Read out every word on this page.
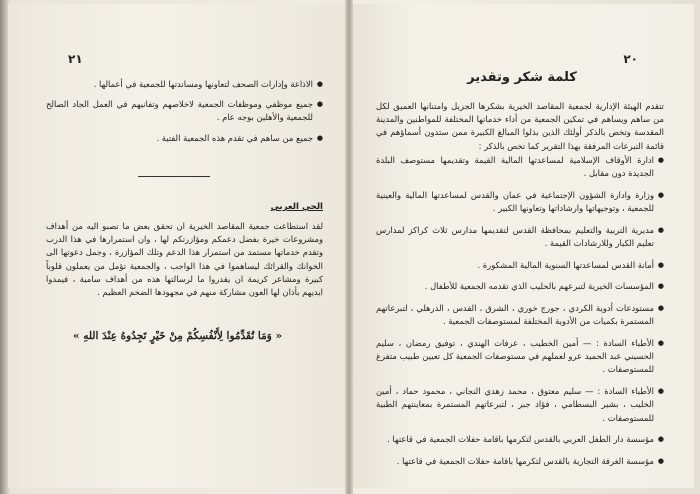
٢١
● الاذاعة وإدارات الصحف لتعاونها ومساندتها للجمعية في أعمالها .
● جميع موظفي وموظفات الجمعية لاخلاصهم وتفانيهم في العمل الجاد الصالح للجمعية والأهلين بوجه عام .
● جميع من ساهم في تقدم هذه الجمعية الفتية .
الحي العربي

لقد استطاعت جمعية المقاصد الخيرية ان تحقق بعض ما تصبو اليه من أهداف ومشروعات خيرة بفضل دعمكم ومؤازرتكم لها ، وان استمرارها في هذا الدرب وتقدم خدماتها مستمد من استمرار هذا الدعم وتلك المؤازرة ، وجمل دعوتها الى الخوانك والقرائك ليساهموا في هذا الواجب ، والجمعية تؤمل من يعملون قلوباً كبيرة ومشاعر كريمة ان يقدروا ما لرسالتها هذه من أهداف سامية ، فيمدوا ايديهم بأذان لها العون مشاركة منهم في مجهودها الضخم العظيم .

« وَمَا تُقَدِّمُوا لِأَنْفُسِكُمْ مِنْ خَيْرٍ تَجِدُوهُ عِنْدَ اللهِ »
٢٠
كلمة شكر وتقدير

تتقدم الهيئة الإدارية لجمعية المقاصد الخيرية بشكرها الجزيل وامتنانها العميق لكل من ساهم ويساهم في تمكين الجمعية من أداء خدماتها المختلفة للمواطنين والمدينة المقدسة وتخص بالذكر أولئك الذين بذلوا المبالغ الكبيرة ممن ستدون أسماؤهم في قائمة التبرعات المرفقة بهذا التقرير كما تخص بالذكر :

● ادارة الأوقاف الإسلامية لمساعدتها المالية القيمة وتقديمها مستوصف البلدة الجديدة دون مقابل .
● وزارة وادارة الشؤون الإجتماعية في عمان والقدس لمساعدتها المالية والعينية للجمعية ، وتوجيهاتها وارشاداتها وتعاونها الكبير .
● مديرية التربية والتعليم بمحافظة القدس لتقديمها مدارس ثلاث كراكز لمدارس تعليم الكبار وللارشادات القيمة .
● أمانة القدس لمساعدتها السنوية المالية المشكورة .
● المؤسسات الخيرية لتبرعهم بالحليب الذي تقدمه الجمعية للأطفال .
● مستودعات أدوية الكردي ، جورج خوري ، الشرق ، القدس ، الدرهلي ، لتبرعاتهم المستمرة بكميات من الأدوية المختلفة لمستوصفات الجمعية .
● الأطباء السادة : — أمين الخطيب ، عرفات الهندي ، توفيق رمضان ، سليم الحسيني عبد الحميد عرو لعملهم في مستوصفات الجمعية كل تعيين طبيب متفرغ للمستوصفات .
● الأطباء السادة : — سليم معتوق ، محمد زهدي النجاني ، محمود حماد ، أمين الخليب ، بشير البسطامي ، فؤاد جبر ، لتبرعاتهم المستمرة بمعاينتهم الطبية للمستوصفات .
● مؤسسة دار الطفل العربي بالقدس لتكرمها باقامة حفلات الجمعية في قاعتها .
● مؤسسة الغرفة التجارية بالقدس لتكرمها باقامة حفلات الجمعية في قاعتها .
